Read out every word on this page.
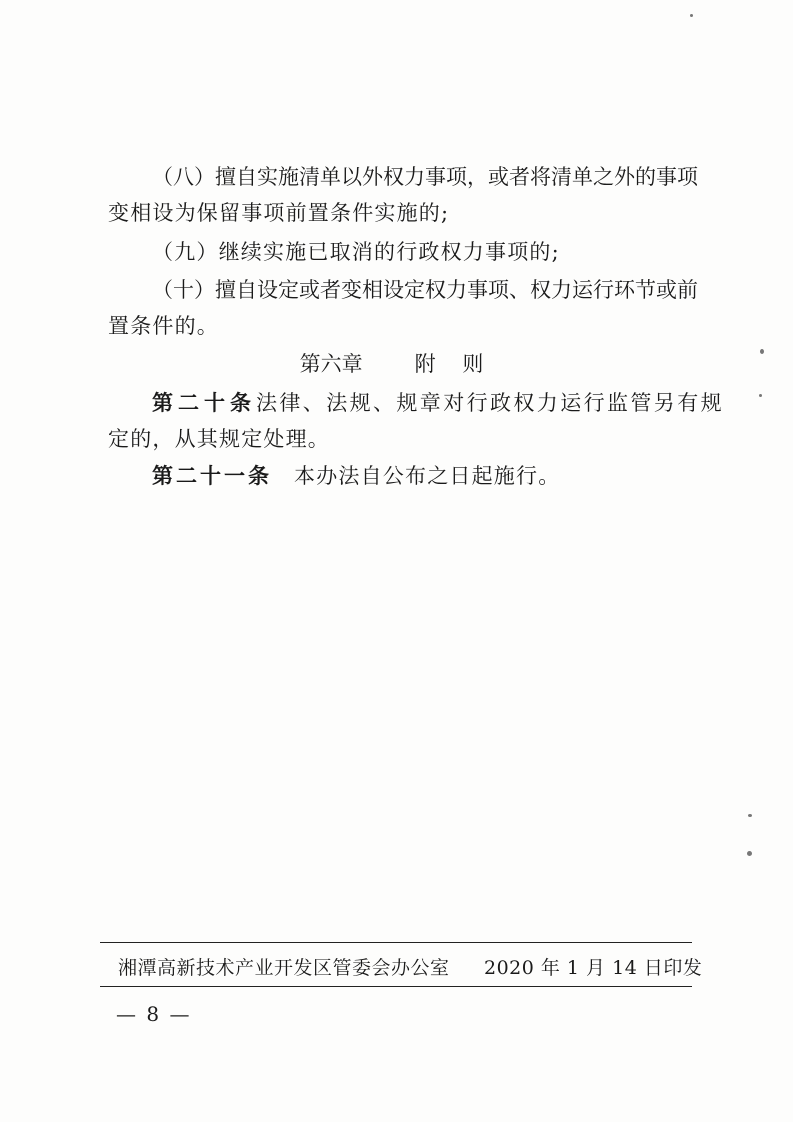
（八）擅自实施清单以外权力事项，或者将清单之外的事项
变相设为保留事项前置条件实施的;
（九）继续实施已取消的行政权力事项的;
（十）擅自设定或者变相设定权力事项、权力运行环节或前
置条件的。
第六章 附 则
第二十条 法律、法规、规章对行政权力运行监管另有规
定的，从其规定处理。
第二十一条 本办法自公布之日起施行。
湘潭高新技术产业开发区管委会办公室 2020 年 1 月 14 日印发
— 8 —
